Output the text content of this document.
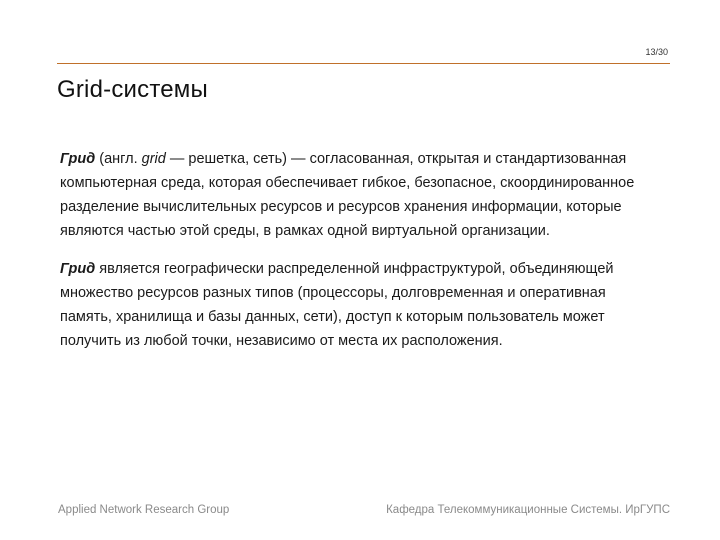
13/30
Grid-системы

Грид (англ. grid — решетка, сеть) — согласованная, открытая и стандартизованная компьютерная среда, которая обеспечивает гибкое, безопасное, скоординированное разделение вычислительных ресурсов и ресурсов хранения информации, которые являются частью этой среды, в рамках одной виртуальной организации.

Грид является географически распределенной инфраструктурой, объединяющей множество ресурсов разных типов (процессоры, долговременная и оперативная память, хранилища и базы данных, сети), доступ к которым пользователь может получить из любой точки, независимо от места их расположения.

Applied Network Research Group	Кафедра Телекоммуникационные Системы. ИрГУПС
